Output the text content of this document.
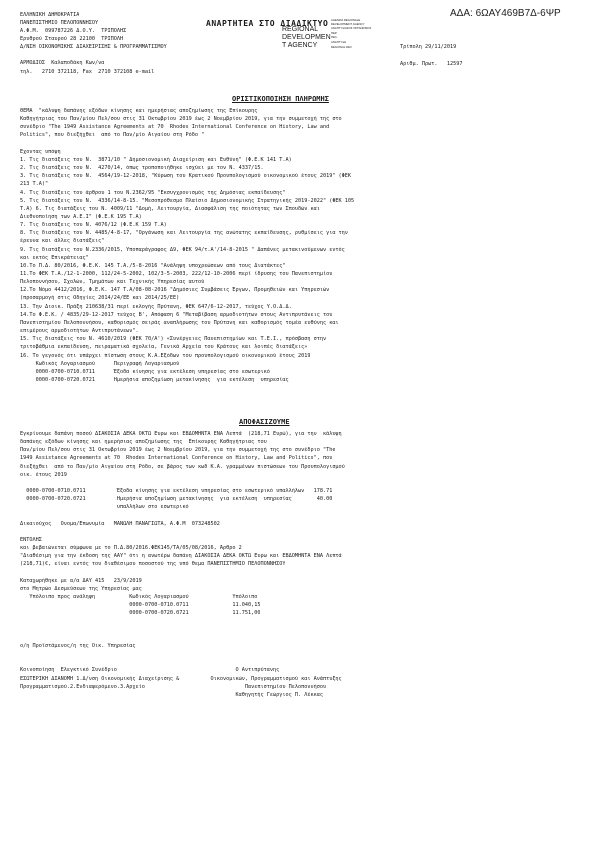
ΑΔΑ: 6ΩΑΥ469Β7Δ-6ΨΡ
ΕΛΛΗΝΙΚΗ ΔΗΜΟΚΡΑΤΙΑ
ΠΑΝΕΠΙΣΤΗΜΙΟ ΠΕΛΟΠΟΝΝΗΣΟΥ
Α.Φ.Μ.  099787226 Δ.Ο.Υ.  ΤΡΙΠΟΛΗΣ
Ερυθρού Σταυρού 28 22100  ΤΡΙΠΟΛΗ
Δ/ΝΣΗ ΟΙΚΟΝΟΜΙΚΗΣ ΔΙΑΧΕΙΡΙΣΗΣ & ΠΡΟΓΡΑΜΜΑΤΙΣΜΟΥ
ΑΡΜΟΔΙΟΣ  Καλαποδάκη Κων/να
τηλ.   2710 372118, Fax  2710 372108 e-mail
ΑΝΑΡΤΗΤΕΑ ΣΤΟ ΔΙΑΔΙΚΤΥΟ
REGIONAL
DEVELOPMEN
T AGENCY
AGENZIA REGIONALE
DEVELOPMENT AGENCY
ΑΝΑΠΤΥΞΙΑΚΟΣ ΟΡΓΑΝΙΣΜΟΣ
ΠΕΡ.
ΠΕΛ.
ΑΝΑΠΤΥΞΗ
REGIONAL DEV	Τρίπολη 29/11/2019
Αριθμ. Πρωτ.   12597
ΟΡΙΣΤΙΚΟΠΟΙΗΣΗ ΠΛΗΡΩΜΗΣ
ΘΕΜΑ  "κάλυψη δαπάνης εξόδων κίνησης και ημερήσιας αποζημίωσης της Επίκουρης
Καθηγήτριας του Παν/μίου Πελ/σου στις 31 Οκτωβρίου 2019 έως 2 Νοεμβρίου 2019, για την συμμετοχή της στο
συνέδριο "The 1949 Assistance Agreements at 70  Rhodes International Conference on History, Law and
Politics", που διεξήχθει  από το Παν/μίο Αιγαίου στη Ρόδο "
Έχοντας υπόψη
1. Τις διατάξεις του Ν.  3871/10 " Δημοσιονομική Διαχείριση και Ευθύνη" (Φ.Ε.Κ 141 Τ.Α)
2. Τις διατάξεις του Ν.  4270/14, όπως τροποποιήθηκε ισχύει με τον Ν. 4337/15.
3. Τις διατάξεις του Ν.  4564/19-12-2018, "Κύρωση του Κρατικού Προυπολογισμού οικονομικού έτους 2019" (ΦΕΚ
213 Τ.Α)"
4. Τις διατάξεις του άρθρου 1 του Ν.2362/95 "Εκσυγχρονισμός της Δημόσιας εκπαίδευσης"
5. Τις διατάξεις του Ν.  4336/14-8-15. "Μεσοπρόθεσμο Πλαίσιο Δημοσιονομικής Στρατηγικής 2019-2022" (ΦΕΚ 105
Τ.Α) 6. Τις διατάξεις του Ν. 4009/11 "Δομή, Λειτουργία, Διασφάλιση της ποιότητας των Σπουδών και
Διεθνοποίηση των Α.Ε.Ι" (Φ.Ε.Κ 195 Τ.Α)
7. Τις διατάξεις του Ν. 4076/12 (Φ.Ε.Κ 159 Τ.Α)
8. Τις διατάξεις του Ν. 4485/4-8-17, "Οργάνωση και Λειτουργία της ανώτατης εκπαίδευσης, ρυθμίσεις για την
έρευνα και άλλες διατάξεις"
9. Τις διατάξεις του Ν.2336/2015, Υποπαράγραφος Δ9, ΦΕΚ 94/τ.Α'/14-8-2015 " Δαπάνες μετακινούμενων εντός
και εκτός Επικράτειας"
10.Το Π.Δ. 80/2016, Φ.Ε.Κ. 145 Τ.Α./5-8-2016 "Ανάληψη υποχρεώσεων από τους Διατάκτες"
11.Το ΦΕΚ Τ.Α./12-1-2000, 112/24-5-2002, 102/3-5-2003, 222/12-10-2006 περί ίδρυσης του Πανεπιστημίου
Πελοποννήσου, Σχολών, Τμημάτων και Τεχνικής Υπηρεσίας αυτού
12.Το Νόμο 4412/2016, Φ.Ε.Κ. 147 Τ.Α/08-08-2016 "Δημόσιες Συμβάσεις Έργων, Προμηθειών και Υπηρεσιών
(προσαρμογή στις Οδηγίες 2014/24/ΕΕ και 2014/25/ΕΕ)
13. Την Διοικ. Πράξη 210638/31 περί εκλογής Πρύτανη, ΦΕΚ 647/6-12-2017, τεύχος Υ.Ο.Δ.Δ.
14.Το Φ.Ε.Κ. / 4835/29-12-2017 τεύχος Β', Απόφαση 6 "Μεταβίβαση αρμοδιοτήτων στους Αντιπρυτάνεις του
Πανεπιστημίου Πελοποννήσου, καθορισμός σειράς αναπλήρωσης του Πρύτανη και καθορισμός τομέα ευθύνης και
επιμέρους αρμοδιοτήτων Αντιπρυτάνεων".
15. Τις διατάξεις του Ν. 4610/2019 (ΦΕΚ 70/Α') «Συνέργειες Πανεπιστημίων και Τ.Ε.Ι., πρόσβαση στην
τριτοβάθμια εκπαίδευση, πειραματικά σχολεία, Γενικά Αρχεία του Κράτους και λοιπές διατάξεις»
16. Το γεγονός ότι υπάρχει πίστωση στους Κ.Α.Εξόδων του προυπολογισμού οικονομικού έτους 2019
Κωδικός Λογαριασμού      Περιγραφή Λογαριασμού
0000-0700-0710.0711      Έξοδα κίνησης για εκτέλεση υπηρεσίας στο εσωτερικό
0000-0700-0720.0721      Ημερήσια αποζημίωση μετακίνησης  για εκτέλεση  υπηρεσίας
ΑΠΟΦΑΣΙΖΟΥΜΕ
Εγκρίνουμε δαπάνη ποσού ΔΙΑΚΟΣΙΑ ΔΕΚΑ ΟΚΤΩ Ευρω και ΕΒΔΟΜΗΝΤΑ ΕΝΑ Λεπτά  (218,71 Ευρώ), για την  κάλυψη
δαπάνης εξόδων κίνησης και ημερήσιας αποζημίωσης της  Επίκουρης Καθηγήτριας του
Παν/μίου Πελ/σου στις 31 Οκτωβρίου 2019 έως 2 Νοεμβρίου 2019, για την συμμετοχή της στο συνέδριο "The
1949 Assistance Agreements at 70  Rhodes International Conference on History, Law and Politics", που
διεξήχθει  από το Παν/μίο Αιγαίου στη Ρόδο, σε βάρος των κωδ Κ.Α. γραμμένων πιστώσεων του Προυπολογισμού
οικ. έτους 2019
0000-0700-0710.0711          Έξοδα κίνησης για εκτέλεση υπηρεσίας στο εσωτερικό υπαλλήλων   178.71
0000-0700-0720.0721          Ημερήσια αποζημίωση μετακίνησης  για εκτέλεση  υπηρεσίας        40.00
υπαλλήλων στο εσωτερικό
Δικαιούχος   Ονομα/Επωνυμία   ΜΑΝΩΛΗ ΠΑΝΑΓΙΩΤΑ, Α.Φ.Μ  073248502
ΕΝΤΟΛΗΣ
και βεβαιώνεται σύμφωνα με το Π.Δ.80/2016.ΦΕΚ145/ΤΑ/05/08/2016, Άρθρο 2
"Διαθέσιμη για την έκδοση της ΑΑΥ" ότι η ανωτέρω δαπάνη ΔΙΑΚΟΣΙΑ ΔΕΚΑ ΟΚΤΩ Ευρω και ΕΒΔΟΜΗΝΤΑ ΕΝΑ Λεπτά
(218,71)€, είναι εντός του διαθέσιμου ποσοστού της υπό θεμα ΠΑΝΕΠΙΣΤΗΜΙΟ ΠΕΛΟΠΟΝΝΗΣΟΥ
Καταχωρήθηκε με α/α ΔΑΥ 415   23/9/2019
στο Μητρώο Δεσμεύσεων της Υπηρεσίας μας
Υπόλοιπο προς ανάληψη           Κωδικός Λογαριασμού              Υπόλοιπο
0000-0700-0710.0711              11.040,15
0000-0700-0720.0721              11.751,00
ο/η Προϊστάμενος/η της Οικ. Υπηρεσίας
Κοινοποίηση  Ελεγκτικό Συνέδριο                                      Ο Αντιπρύτανης
ΕΣΩΤΕΡΙΚΗ ΔΙΑΝΟΜΗ 1.Δ/νση Οικονομικής Διαχείρισης &          Οικονομικών, Προγραμματισμού και Ανάπτυξης
Προγραμματισμού.2.Ενδιαφερόμενο.3.Αρχείο                                Πανεπιστημίου Πελοποννήσου
Καθηγητής Γεώργιος Π. Λέκκας
